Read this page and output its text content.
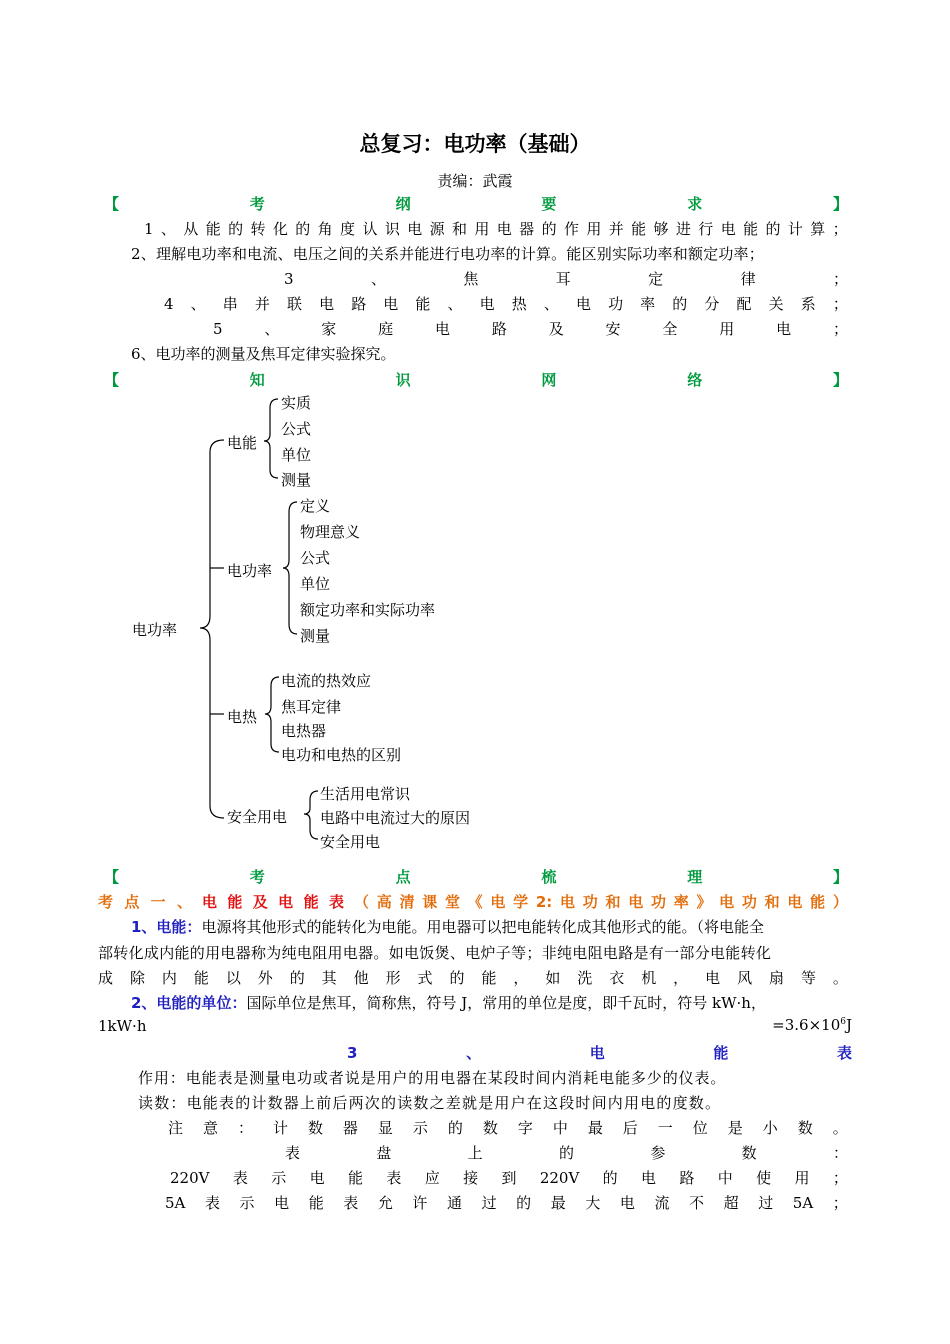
总复习：电功率（基础）
责编：武霞
【	考	纲	要	求	】
1 、 从 能 的 转 化 的 角 度 认 识 电 源 和 用 电 器 的 作 用 并 能 够 进 行 电 能 的 计 算 ；
2、理解电功率和电流、电压之间的关系并能进行电功率的计算。能区别实际功率和额定功率；
3	、	焦	耳	定	律	；
4 、 串 并 联 电 路 电 能 、 电 热 、 电 功 率 的 分 配 关 系 ；
5	、	家	庭	电	路	及	安	全	用	电	；
6、电功率的测量及焦耳定律实验探究。
【	知	识	网	络	】
电功率
电能
实质
公式
单位
测量
电功率
定义
物理意义
公式
单位
额定功率和实际功率
测量
电热
电流的热效应
焦耳定律
电热器
电功和电热的区别
安全用电
生活用电常识
电路中电流过大的原因
安全用电
【	考	点	梳	理	】
考 点 一 、 电 能 及 电 能 表 （ 高 清 课 堂 《 电 学 2: 电 功 和 电 功 率 》 电 功 和 电 能 ）
1、电能：电源将其他形式的能转化为电能。用电器可以把电能转化成其他形式的能。（将电能全
部转化成内能的用电器称为纯电阻用电器。如电饭煲、电炉子等；非纯电阻电路是有一部分电能转化
成 除 内 能 以 外 的 其 他 形 式 的 能 ， 如 洗 衣 机 ， 电 风 扇 等 。
2、电能的单位：国际单位是焦耳，简称焦，符号 J，常用的单位是度，即千瓦时，符号 kW·h，
1kW·h	$=3.6\times 10^6J$
3	、	电	能	表
作用：电能表是测量电功或者说是用户的用电器在某段时间内消耗电能多少的仪表。
读数：电能表的计数器上前后两次的读数之差就是用户在这段时间内用电的度数。
注 意 ： 计 数 器 显 示 的 数 字 中 最 后 一 位 是 小 数 。
表	盘	上	的	参	数	：
220V 表 示 电 能 表 应 接 到 220V 的 电 路 中 使 用 ；
5A 表 示 电 能 表 允 许 通 过 的 最 大 电 流 不 超 过 5A ；
